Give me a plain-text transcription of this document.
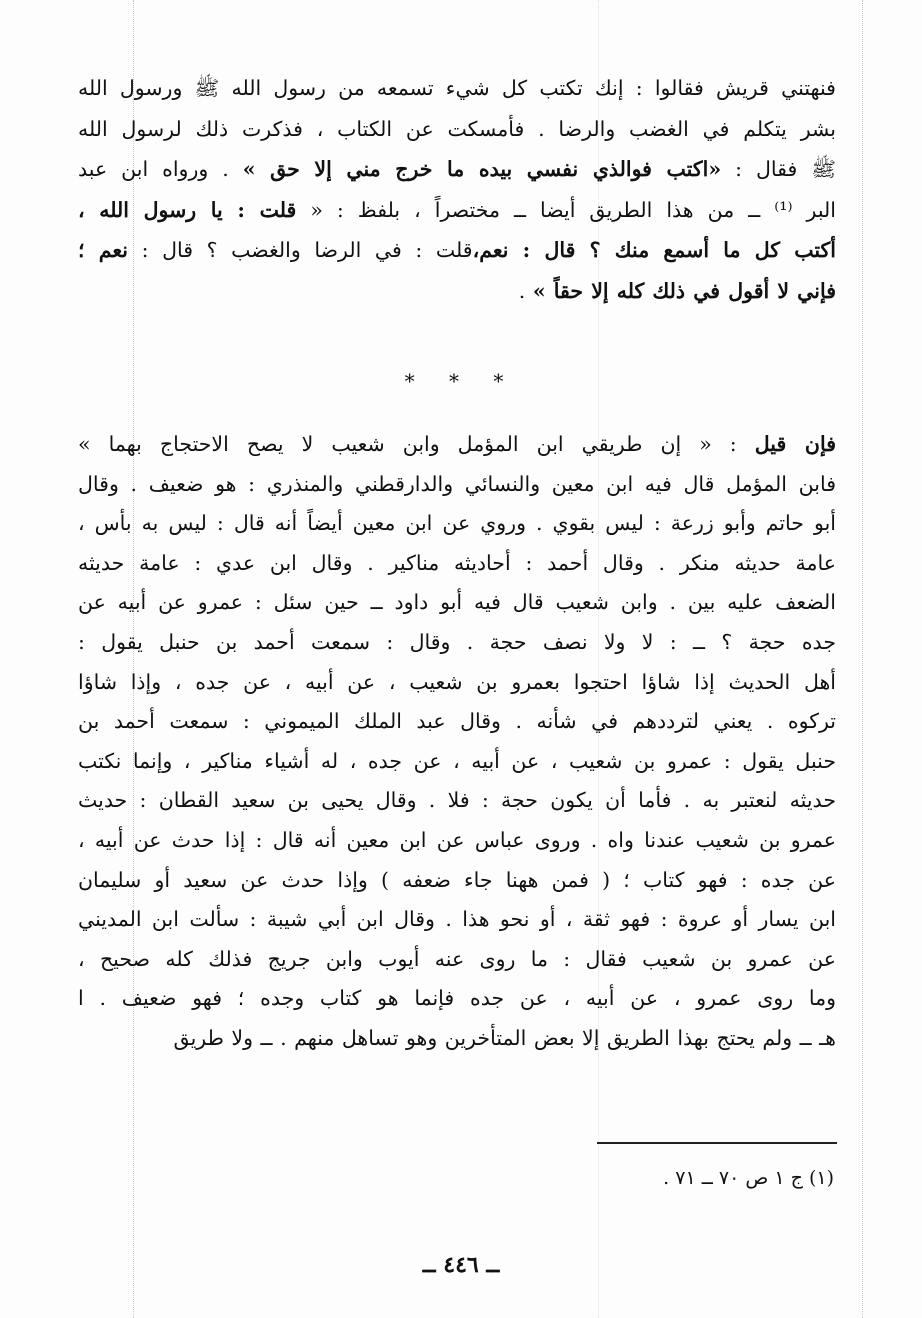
فنهتني قريش فقالوا : إنك تكتب كل شيء تسمعه من رسول الله ﷺ ورسول الله
بشر يتكلم في الغضب والرضا . فأمسكت عن الكتاب ، فذكرت ذلك لرسول الله
ﷺ فقال : «اكتب فوالذي نفسي بيده ما خرج مني إلا حق » . ورواه ابن عبد
البر ⁽¹⁾ ــ من هذا الطريق أيضا ــ مختصراً ، بلفظ : « قلت : يا رسول الله ،
أكتب كل ما أسمع منك ؟ قال : نعم،قلت : في الرضا والغضب ؟ قال : نعم ؛
فإني لا أقول في ذلك كله إلا حقاً » .
* * *
فإن قيل : « إن طريقي ابن المؤمل وابن شعيب لا يصح الاحتجاج بهما »
فابن المؤمل قال فيه ابن معين والنسائي والدارقطني والمنذري : هو ضعيف . وقال
أبو حاتم وأبو زرعة : ليس بقوي . وروي عن ابن معين أيضاً أنه قال : ليس به بأس ،
عامة حديثه منكر . وقال أحمد : أحاديثه مناكير . وقال ابن عدي : عامة حديثه
الضعف عليه بين . وابن شعيب قال فيه أبو داود ــ حين سئل : عمرو عن أبيه عن
جده حجة ؟ ــ : لا ولا نصف حجة . وقال : سمعت أحمد بن حنبل يقول :
أهل الحديث إذا شاؤا احتجوا بعمرو بن شعيب ، عن أبيه ، عن جده ، وإذا شاؤا
تركوه . يعني لترددهم في شأنه . وقال عبد الملك الميموني : سمعت أحمد بن
حنبل يقول : عمرو بن شعيب ، عن أبيه ، عن جده ، له أشياء مناكير ، وإنما نكتب
حديثه لنعتبر به . فأما أن يكون حجة : فلا . وقال يحيى بن سعيد القطان : حديث
عمرو بن شعيب عندنا واه . وروى عباس عن ابن معين أنه قال : إذا حدث عن أبيه ،
عن جده : فهو كتاب ؛ ( فمن ههنا جاء ضعفه ) وإذا حدث عن سعيد أو سليمان
ابن يسار أو عروة : فهو ثقة ، أو نحو هذا . وقال ابن أبي شيبة : سألت ابن المديني
عن عمرو بن شعيب فقال : ما روى عنه أيوب وابن جريج فذلك كله صحيح ،
وما روى عمرو ، عن أبيه ، عن جده فإنما هو كتاب وجده ؛ فهو ضعيف . ا
هـ ــ ولم يحتج بهذا الطريق إلا بعض المتأخرين وهو تساهل منهم . ــ ولا طريق
(١) ج ١ ص ٧٠ ــ ٧١ .
ــ ٤٤٦ ــ
